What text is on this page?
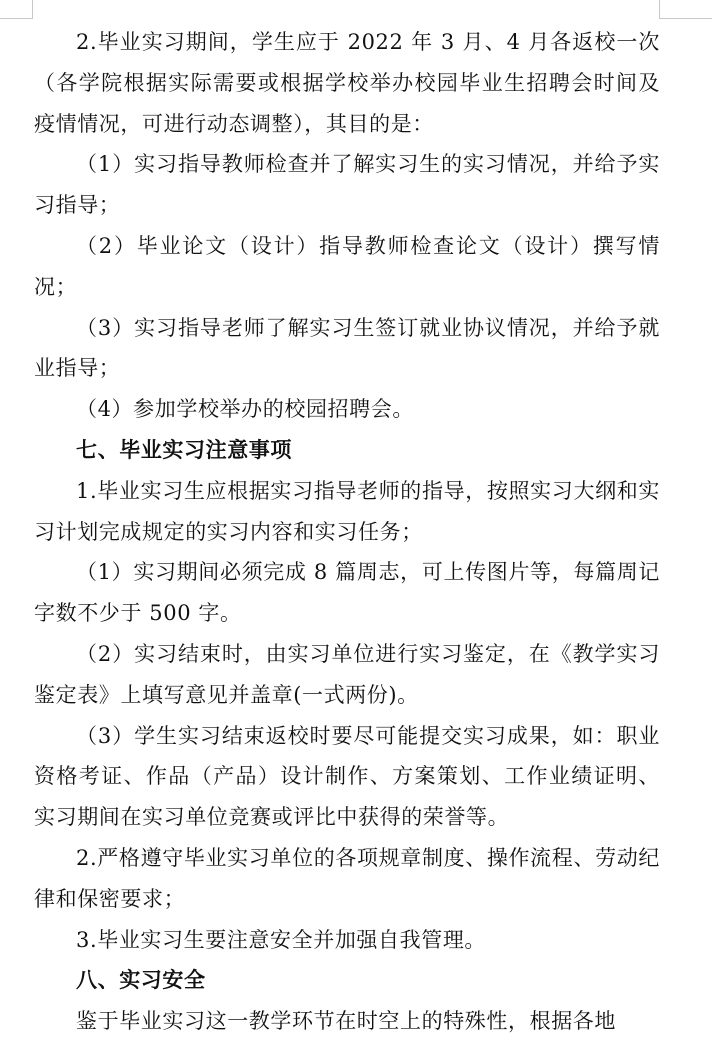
2.毕业实习期间，学生应于 2022 年 3 月、4 月各返校一次（各学院根据实际需要或根据学校举办校园毕业生招聘会时间及疫情情况，可进行动态调整），其目的是：

（1）实习指导教师检查并了解实习生的实习情况，并给予实习指导；

（2）毕业论文（设计）指导教师检查论文（设计）撰写情况；

（3）实习指导老师了解实习生签订就业协议情况，并给予就业指导；

（4）参加学校举办的校园招聘会。

七、毕业实习注意事项

1.毕业实习生应根据实习指导老师的指导，按照实习大纲和实习计划完成规定的实习内容和实习任务；

（1）实习期间必须完成 8 篇周志，可上传图片等，每篇周记字数不少于 500 字。

（2）实习结束时，由实习单位进行实习鉴定，在《教学实习鉴定表》上填写意见并盖章(一式两份)。

（3）学生实习结束返校时要尽可能提交实习成果，如：职业资格考证、作品（产品）设计制作、方案策划、工作业绩证明、实习期间在实习单位竞赛或评比中获得的荣誉等。

2.严格遵守毕业实习单位的各项规章制度、操作流程、劳动纪律和保密要求；

3.毕业实习生要注意安全并加强自我管理。

八、实习安全

鉴于毕业实习这一教学环节在时空上的特殊性，根据各地
